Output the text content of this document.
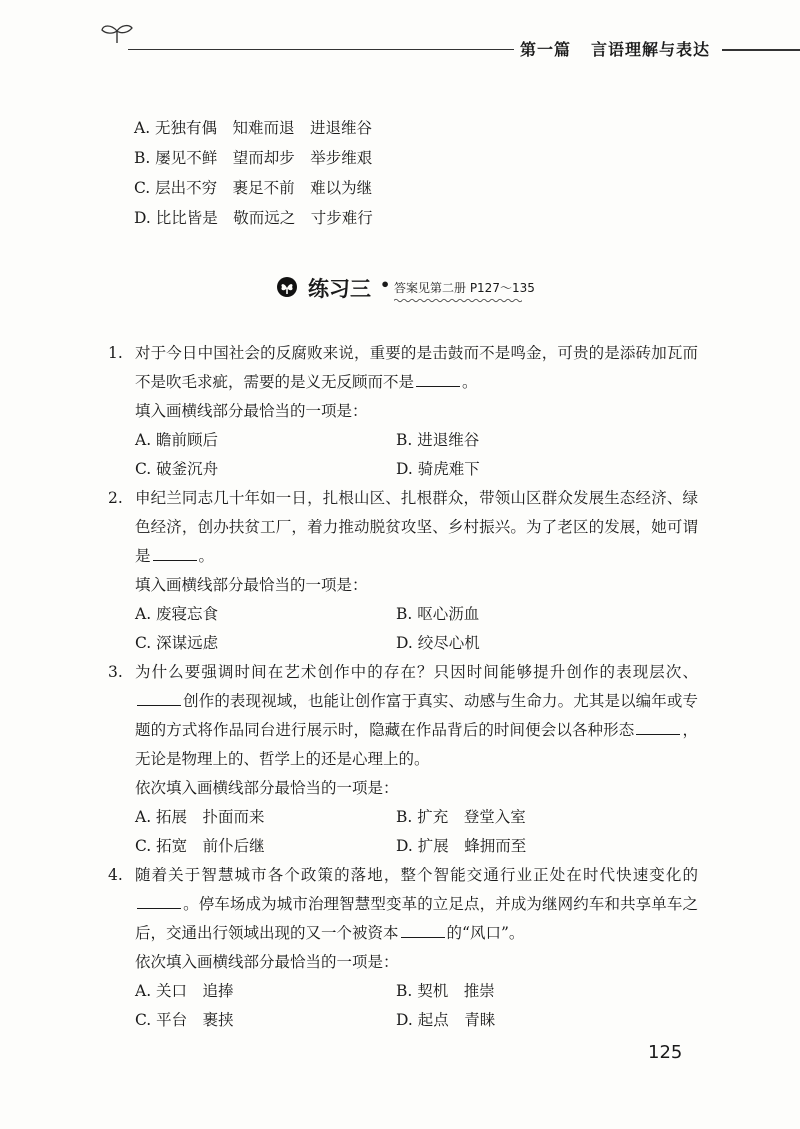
第一篇 言语理解与表达
A. 无独有偶　知难而退　进退维谷
B. 屡见不鲜　望而却步　举步维艰
C. 层出不穷　裹足不前　难以为继
D. 比比皆是　敬而远之　寸步难行
练习三 • 答案见第二册 P127～135
1. 对于今日中国社会的反腐败来说，重要的是击鼓而不是鸣金，可贵的是添砖加瓦而不是吹毛求疵，需要的是义无反顾而不是	。
填入画横线部分最恰当的一项是：
A. 瞻前顾后	B. 进退维谷
C. 破釜沉舟	D. 骑虎难下
2. 申纪兰同志几十年如一日，扎根山区、扎根群众，带领山区群众发展生态经济、绿色经济，创办扶贫工厂，着力推动脱贫攻坚、乡村振兴。为了老区的发展，她可谓是	。
填入画横线部分最恰当的一项是：
A. 废寝忘食	B. 呕心沥血
C. 深谋远虑	D. 绞尽心机
3. 为什么要强调时间在艺术创作中的存在？只因时间能够提升创作的表现层次、创作的表现视域，也能让创作富于真实、动感与生命力。尤其是以编年或专题的方式将作品同台进行展示时，隐藏在作品背后的时间便会以各种形态	，无论是物理上的、哲学上的还是心理上的。
依次填入画横线部分最恰当的一项是：
A. 拓展　扑面而来	B. 扩充　登堂入室
C. 拓宽　前仆后继	D. 扩展　蜂拥而至
4. 随着关于智慧城市各个政策的落地，整个智能交通行业正处在时代快速变化的。停车场成为城市治理智慧型变革的立足点，并成为继网约车和共享单车之后，交通出行领域出现的又一个被资本	的“风口”。
依次填入画横线部分最恰当的一项是：
A. 关口　追捧	B. 契机　推崇
C. 平台　裹挟	D. 起点　青睐
125
